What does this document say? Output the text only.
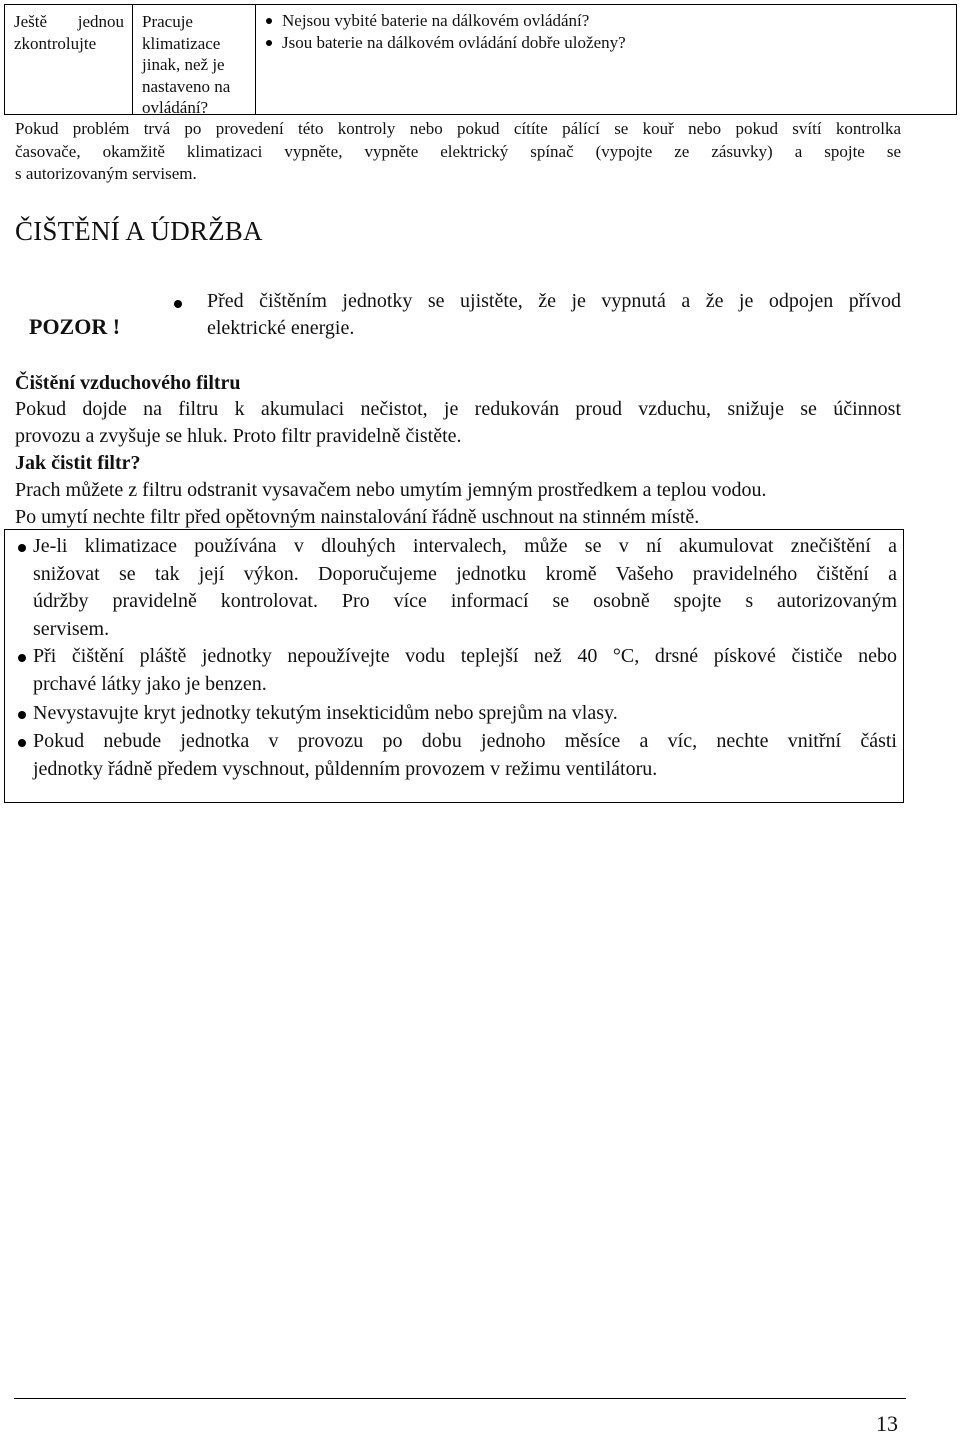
Ještě jednou
zkontrolujte
Pracuje
klimatizace
jinak, než je
nastaveno na
ovládání?
Nejsou vybité baterie na dálkovém ovládání?
Jsou baterie na dálkovém ovládání dobře uloženy?
Pokud problém trvá po provedení této kontroly nebo pokud cítíte pálící se kouř nebo pokud svítí kontrolka
časovače, okamžitě klimatizaci vypněte, vypněte elektrický spínač (vypojte ze zásuvky) a spojte se
s autorizovaným servisem.
ČIŠTĚNÍ A ÚDRŽBA
POZOR !
Před čištěním jednotky se ujistěte, že je vypnutá a že je odpojen přívod
elektrické energie.
Čištění vzduchového filtru
Pokud dojde na filtru k akumulaci nečistot, je redukován proud vzduchu, snižuje se účinnost
provozu a zvyšuje se hluk. Proto filtr pravidelně čistěte.
Jak čistit filtr?
Prach můžete z filtru odstranit vysavačem nebo umytím jemným prostředkem a teplou vodou.
Po umytí nechte filtr před opětovným nainstalování řádně uschnout na stinném místě.
Je-li klimatizace používána v dlouhých intervalech, může se v ní akumulovat znečištění a
snižovat se tak její výkon. Doporučujeme jednotku kromě Vašeho pravidelného čištění a
údržby pravidelně kontrolovat. Pro více informací se osobně spojte s autorizovaným
servisem.
Při čištění pláště jednotky nepoužívejte vodu teplejší než 40 °C, drsné pískové čističe nebo
prchavé látky jako je benzen.
Nevystavujte kryt jednotky tekutým insekticidům nebo sprejům na vlasy.
Pokud nebude jednotka v provozu po dobu jednoho měsíce a víc, nechte vnitřní části
jednotky řádně předem vyschnout, půldenním provozem v režimu ventilátoru.
13
